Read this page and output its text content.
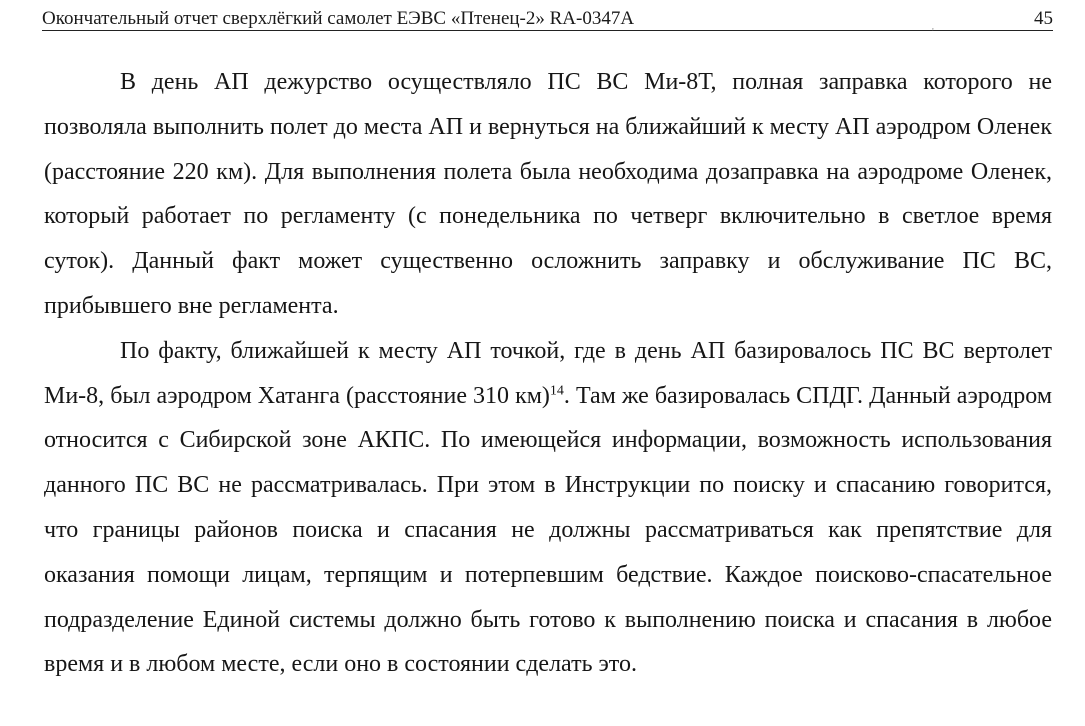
Окончательный отчет сверхлёгкий самолет ЕЭВС «Птенец-2» RA-0347А
'
45

В день АП дежурство осуществляло ПС ВС Ми-8Т, полная заправка которого не позволяла выполнить полет до места АП и вернуться на ближайший к месту АП аэродром Оленек (расстояние 220 км). Для выполнения полета была необходима дозаправка на аэродроме Оленек, который работает по регламенту (с понедельника по четверг включительно в светлое время суток). Данный факт может существенно осложнить заправку и обслуживание ПС ВС, прибывшего вне регламента.

По факту, ближайшей к месту АП точкой, где в день АП базировалось ПС ВС вертолет Ми-8, был аэродром Хатанга (расстояние 310 км)$^{14}$. Там же базировалась СПДГ. Данный аэродром относится с Сибирской зоне АКПС. По имеющейся информации, возможность использования данного ПС ВС не рассматривалась. При этом в Инструкции по поиску и спасанию говорится, что границы районов поиска и спасания не должны рассматриваться как препятствие для оказания помощи лицам, терпящим и потерпевшим бедствие. Каждое поисково-спасательное подразделение Единой системы должно быть готово к выполнению поиска и спасания в любое время и в любом месте, если оно в состоянии сделать это.
